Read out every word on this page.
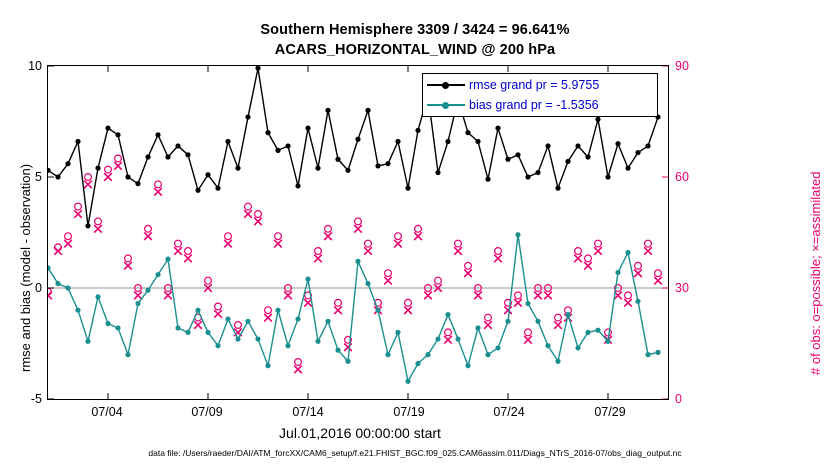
Southern Hemisphere 3309 / 3424 = 96.641%
ACARS_HORIZONTAL_WIND @ 200 hPa
rmse and bias (model - observation)	# of obs: o=possible; ×=assimilated
10
5
0
-5
90
60
30
0
07/04	07/09	07/14	07/19	07/24	07/29
rmse grand pr = 5.9755
bias grand pr = -1.5356
Jul.01,2016 00:00:00 start
data file: /Users/raeder/DAI/ATM_forcXX/CAM6_setup/f.e21.FHIST_BGC.f09_025.CAM6assim.011/Diags_NTrS_2016-07/obs_diag_output.nc
